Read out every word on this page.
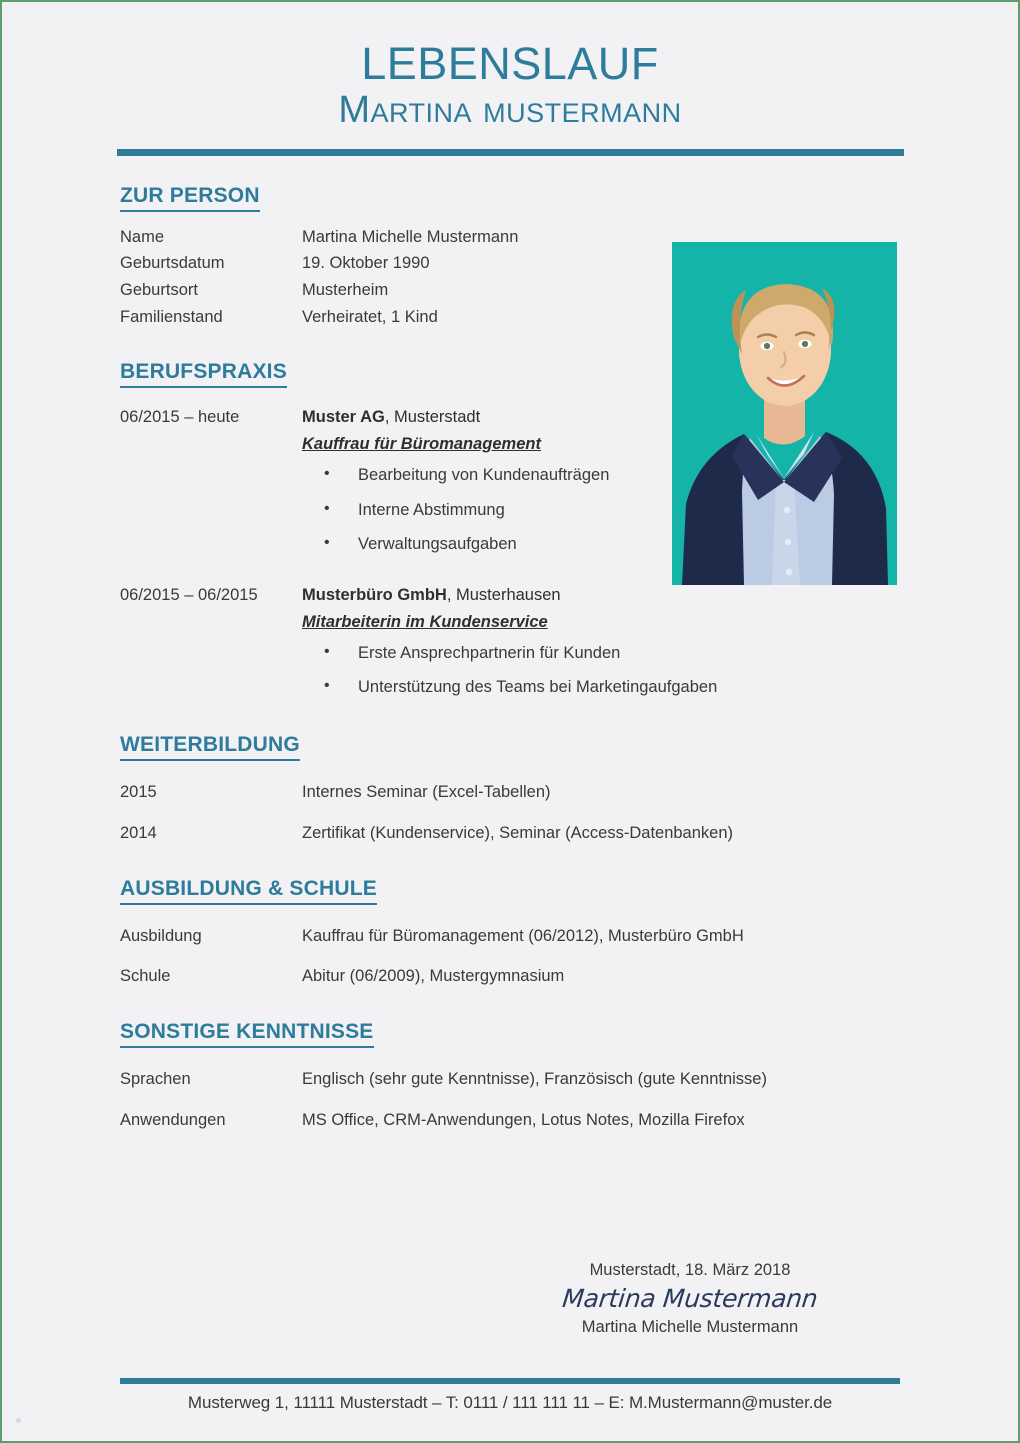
LEBENSLAUF
Martina mustermann
ZUR PERSON
Name	Martina Michelle Mustermann
Geburtsdatum	19. Oktober 1990
Geburtsort	Musterheim
Familienstand	Verheiratet, 1 Kind
BERUFSPRAXIS
06/2015 – heute	Muster AG, Musterstadt
Kauffrau für Büromanagement
• Bearbeitung von Kundenaufträgen
• Interne Abstimmung
• Verwaltungsaufgaben
06/2015 – 06/2015	Musterbüro GmbH, Musterhausen
Mitarbeiterin im Kundenservice
• Erste Ansprechpartnerin für Kunden
• Unterstützung des Teams bei Marketingaufgaben
WEITERBILDUNG
2015	Internes Seminar (Excel-Tabellen)
2014	Zertifikat (Kundenservice), Seminar (Access-Datenbanken)
AUSBILDUNG & SCHULE
Ausbildung	Kauffrau für Büromanagement (06/2012), Musterbüro GmbH
Schule	Abitur (06/2009), Mustergymnasium
SONSTIGE KENNTNISSE
Sprachen	Englisch (sehr gute Kenntnisse), Französisch (gute Kenntnisse)
Anwendungen	MS Office, CRM-Anwendungen, Lotus Notes, Mozilla Firefox
Musterstadt, 18. März 2018
Martina Mustermann
Martina Michelle Mustermann
Musterweg 1, 11111 Musterstadt – T: 0111 / 111 111 11 – E: M.Mustermann@muster.de
